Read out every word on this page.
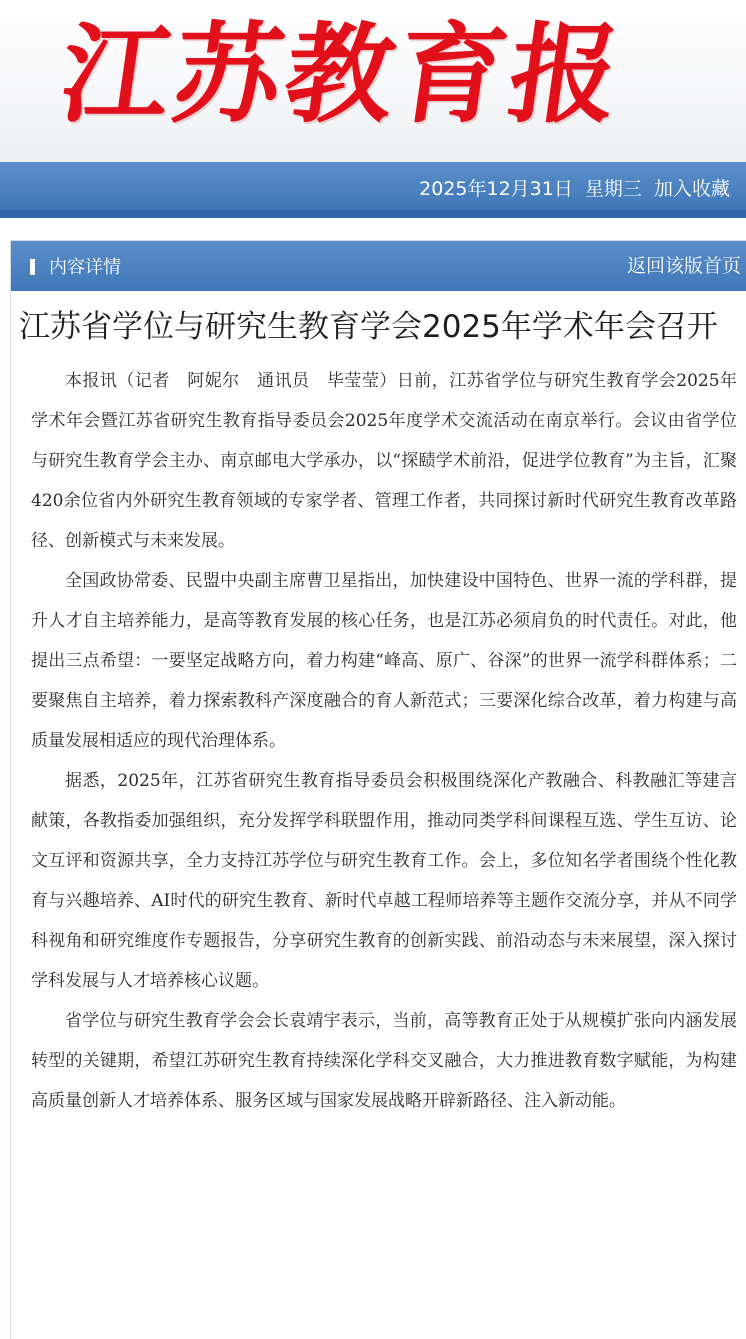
江苏教育报
2025年12月31日 星期三 加入收藏
内容详情	返回该版首页
江苏省学位与研究生教育学会2025年学术年会召开

本报讯（记者　阿妮尔　通讯员　毕莹莹）日前，江苏省学位与研究生教育学会2025年学术年会暨江苏省研究生教育指导委员会2025年度学术交流活动在南京举行。会议由省学位与研究生教育学会主办、南京邮电大学承办，以“探赜学术前沿，促进学位教育”为主旨，汇聚420余位省内外研究生教育领域的专家学者、管理工作者，共同探讨新时代研究生教育改革路径、创新模式与未来发展。

全国政协常委、民盟中央副主席曹卫星指出，加快建设中国特色、世界一流的学科群，提升人才自主培养能力，是高等教育发展的核心任务，也是江苏必须肩负的时代责任。对此，他提出三点希望：一要坚定战略方向，着力构建“峰高、原广、谷深”的世界一流学科群体系；二要聚焦自主培养，着力探索教科产深度融合的育人新范式；三要深化综合改革，着力构建与高质量发展相适应的现代治理体系。

据悉，2025年，江苏省研究生教育指导委员会积极围绕深化产教融合、科教融汇等建言献策，各教指委加强组织，充分发挥学科联盟作用，推动同类学科间课程互选、学生互访、论文互评和资源共享，全力支持江苏学位与研究生教育工作。会上，多位知名学者围绕个性化教育与兴趣培养、AI时代的研究生教育、新时代卓越工程师培养等主题作交流分享，并从不同学科视角和研究维度作专题报告，分享研究生教育的创新实践、前沿动态与未来展望，深入探讨学科发展与人才培养核心议题。

省学位与研究生教育学会会长袁靖宇表示，当前，高等教育正处于从规模扩张向内涵发展转型的关键期，希望江苏研究生教育持续深化学科交叉融合，大力推进教育数字赋能，为构建高质量创新人才培养体系、服务区域与国家发展战略开辟新路径、注入新动能。
